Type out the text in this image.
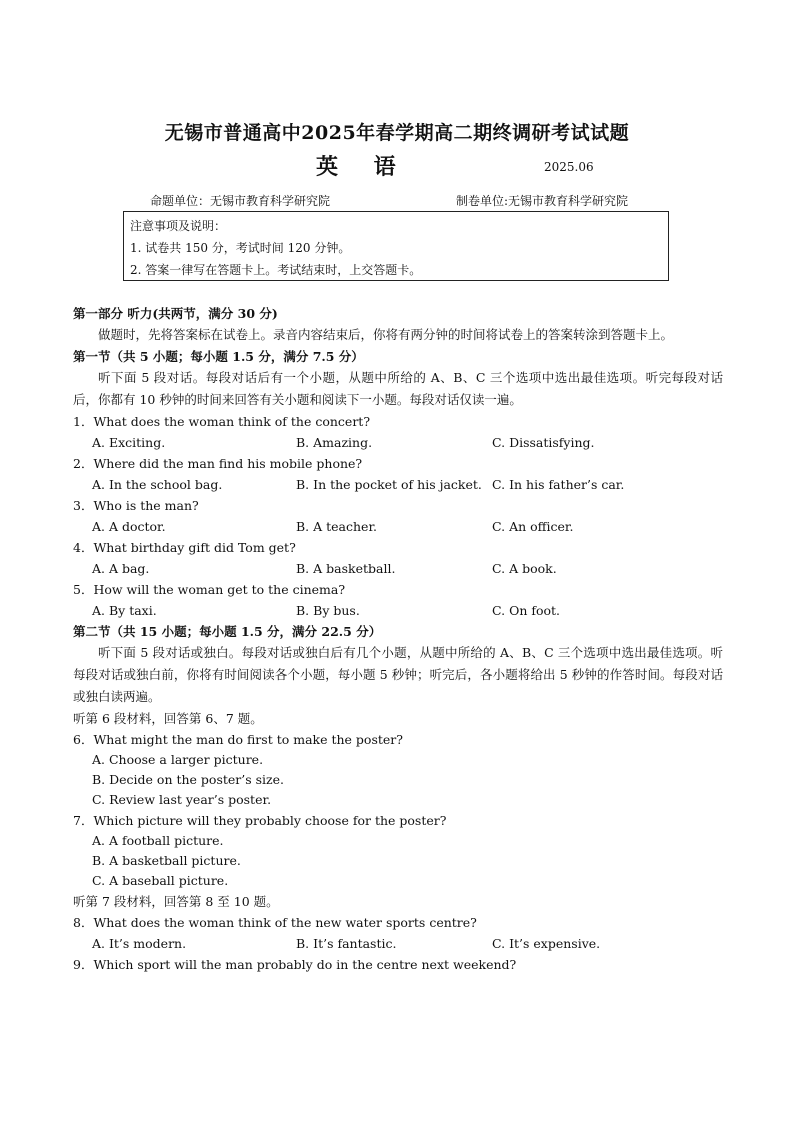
无锡市普通高中2025年春学期高二期终调研考试试题
英 语	2025.06
命题单位：无锡市教育科学研究院	制卷单位:无锡市教育科学研究院
注意事项及说明：
1. 试卷共 150 分，考试时间 120 分钟。
2. 答案一律写在答题卡上。考试结束时，上交答题卡。
第一部分 听力(共两节，满分 30 分)
做题时，先将答案标在试卷上。录音内容结束后，你将有两分钟的时间将试卷上的答案转涂到答题卡上。
第一节（共 5 小题；每小题 1.5 分，满分 7.5 分）
听下面 5 段对话。每段对话后有一个小题，从题中所给的 A、B、C 三个选项中选出最佳选项。听完每段对话后，你都有 10 秒钟的时间来回答有关小题和阅读下一小题。每段对话仅读一遍。
1．What does the woman think of the concert?
A. Exciting.	B. Amazing.	C. Dissatisfying.
2．Where did the man find his mobile phone?
A. In the school bag.	B. In the pocket of his jacket. C. In his father’s car.
3．Who is the man?
A. A doctor.	B. A teacher.	C. An officer.
4．What birthday gift did Tom get?
A. A bag.	B. A basketball.	C. A book.
5．How will the woman get to the cinema?
A. By taxi.	B. By bus.	C. On foot.
第二节（共 15 小题；每小题 1.5 分，满分 22.5 分）
听下面 5 段对话或独白。每段对话或独白后有几个小题，从题中所给的 A、B、C 三个选项中选出最佳选项。听每段对话或独白前，你将有时间阅读各个小题，每小题 5 秒钟；听完后，各小题将给出 5 秒钟的作答时间。每段对话或独白读两遍。
听第 6 段材料，回答第 6、7 题。
6．What might the man do first to make the poster?
A. Choose a larger picture.
B. Decide on the poster’s size.
C. Review last year’s poster.
7．Which picture will they probably choose for the poster?
A. A football picture.
B. A basketball picture.
C. A baseball picture.
听第 7 段材料，回答第 8 至 10 题。
8．What does the woman think of the new water sports centre?
A. It’s modern.	B. It’s fantastic.	C. It’s expensive.
9．Which sport will the man probably do in the centre next weekend?
